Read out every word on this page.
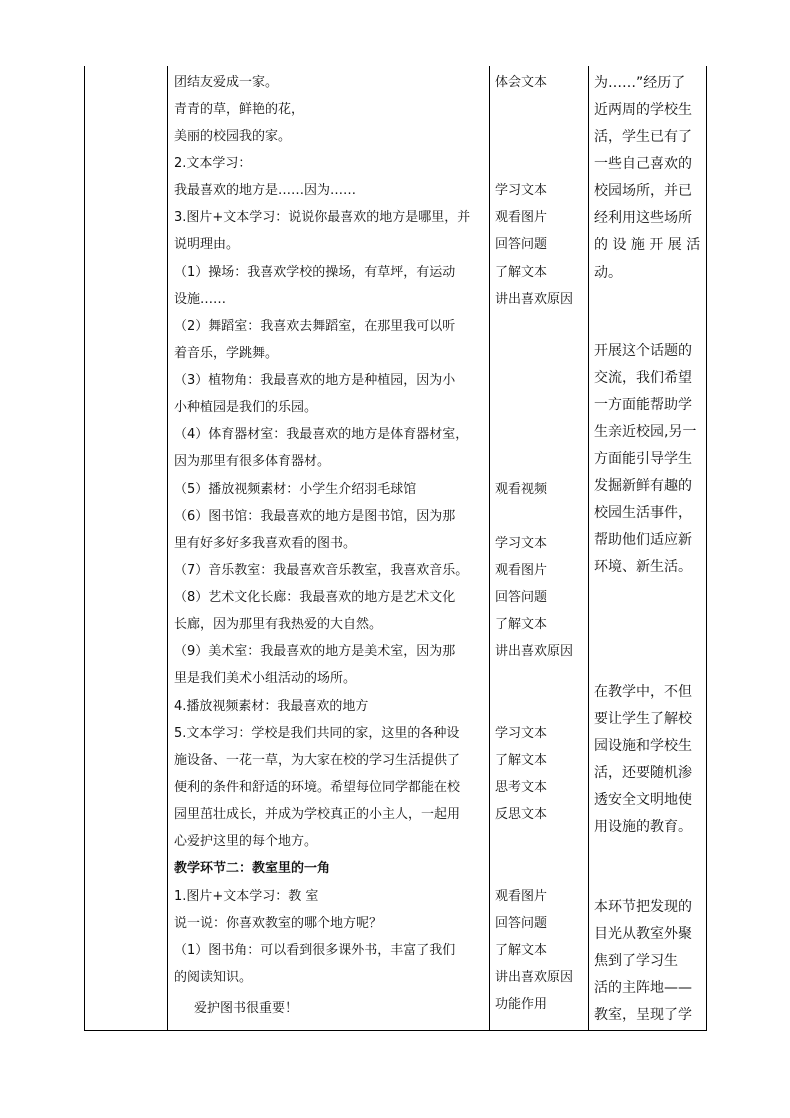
团结友爱成一家。
青青的草，鲜艳的花，
美丽的校园我的家。
2.文本学习：
我最喜欢的地方是……因为……
3.图片+文本学习：说说你最喜欢的地方是哪里，并
说明理由。
（1）操场：我喜欢学校的操场，有草坪，有运动
设施……
（2）舞蹈室：我喜欢去舞蹈室，在那里我可以听
着音乐，学跳舞。
（3）植物角：我最喜欢的地方是种植园，因为小
小种植园是我们的乐园。
（4）体育器材室：我最喜欢的地方是体育器材室，
因为那里有很多体育器材。
（5）播放视频素材：小学生介绍羽毛球馆
（6）图书馆：我最喜欢的地方是图书馆，因为那
里有好多好多我喜欢看的图书。
（7）音乐教室：我最喜欢音乐教室，我喜欢音乐。
（8）艺术文化长廊：我最喜欢的地方是艺术文化
长廊，因为那里有我热爱的大自然。
（9）美术室：我最喜欢的地方是美术室，因为那
里是我们美术小组活动的场所。
4.播放视频素材：我最喜欢的地方
5.文本学习：学校是我们共同的家，这里的各种设
施设备、一花一草，为大家在校的学习生活提供了
便利的条件和舒适的环境。希望每位同学都能在校
园里茁壮成长，并成为学校真正的小主人，一起用
心爱护这里的每个地方。
教学环节二：教室里的一角
1.图片+文本学习：教 室
说一说：你喜欢教室的哪个地方呢？
（1）图书角：可以看到很多课外书，丰富了我们
的阅读知识。
爱护图书很重要！
体会文本
学习文本
观看图片
回答问题
了解文本
讲出喜欢原因
观看视频
学习文本
观看图片
回答问题
了解文本
讲出喜欢原因
学习文本
了解文本
思考文本
反思文本
观看图片
回答问题
了解文本
讲出喜欢原因
功能作用
为……”经历了
近两周的学校生
活，学生已有了
一些自己喜欢的
校园场所，并已
经利用这些场所
的 设 施 开 展 活
动。
开展这个话题的
交流，我们希望
一方面能帮助学
生亲近校园,另一
方面能引导学生
发掘新鲜有趣的
校园生活事件，
帮助他们适应新
环境、新生活。
在教学中，不但
要让学生了解校
园设施和学校生
活，还要随机渗
透安全文明地使
用设施的教育。
本环节把发现的
目光从教室外聚
焦到了学习生
活的主阵地——
教室，呈现了学
